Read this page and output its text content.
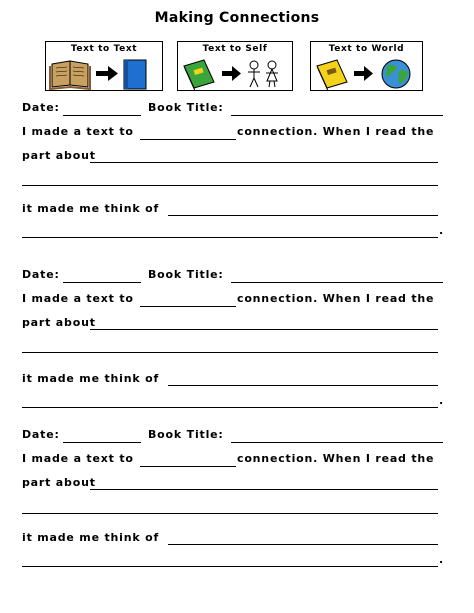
Making Connections
Text to Text	Text to Self	Text to World
Date:	Book Title:
I made a text to	connection. When I read the
part about
it made me think of
.
Date:	Book Title:
I made a text to	connection. When I read the
part about
it made me think of
.
Date:	Book Title:
I made a text to	connection. When I read the
part about
it made me think of
.
